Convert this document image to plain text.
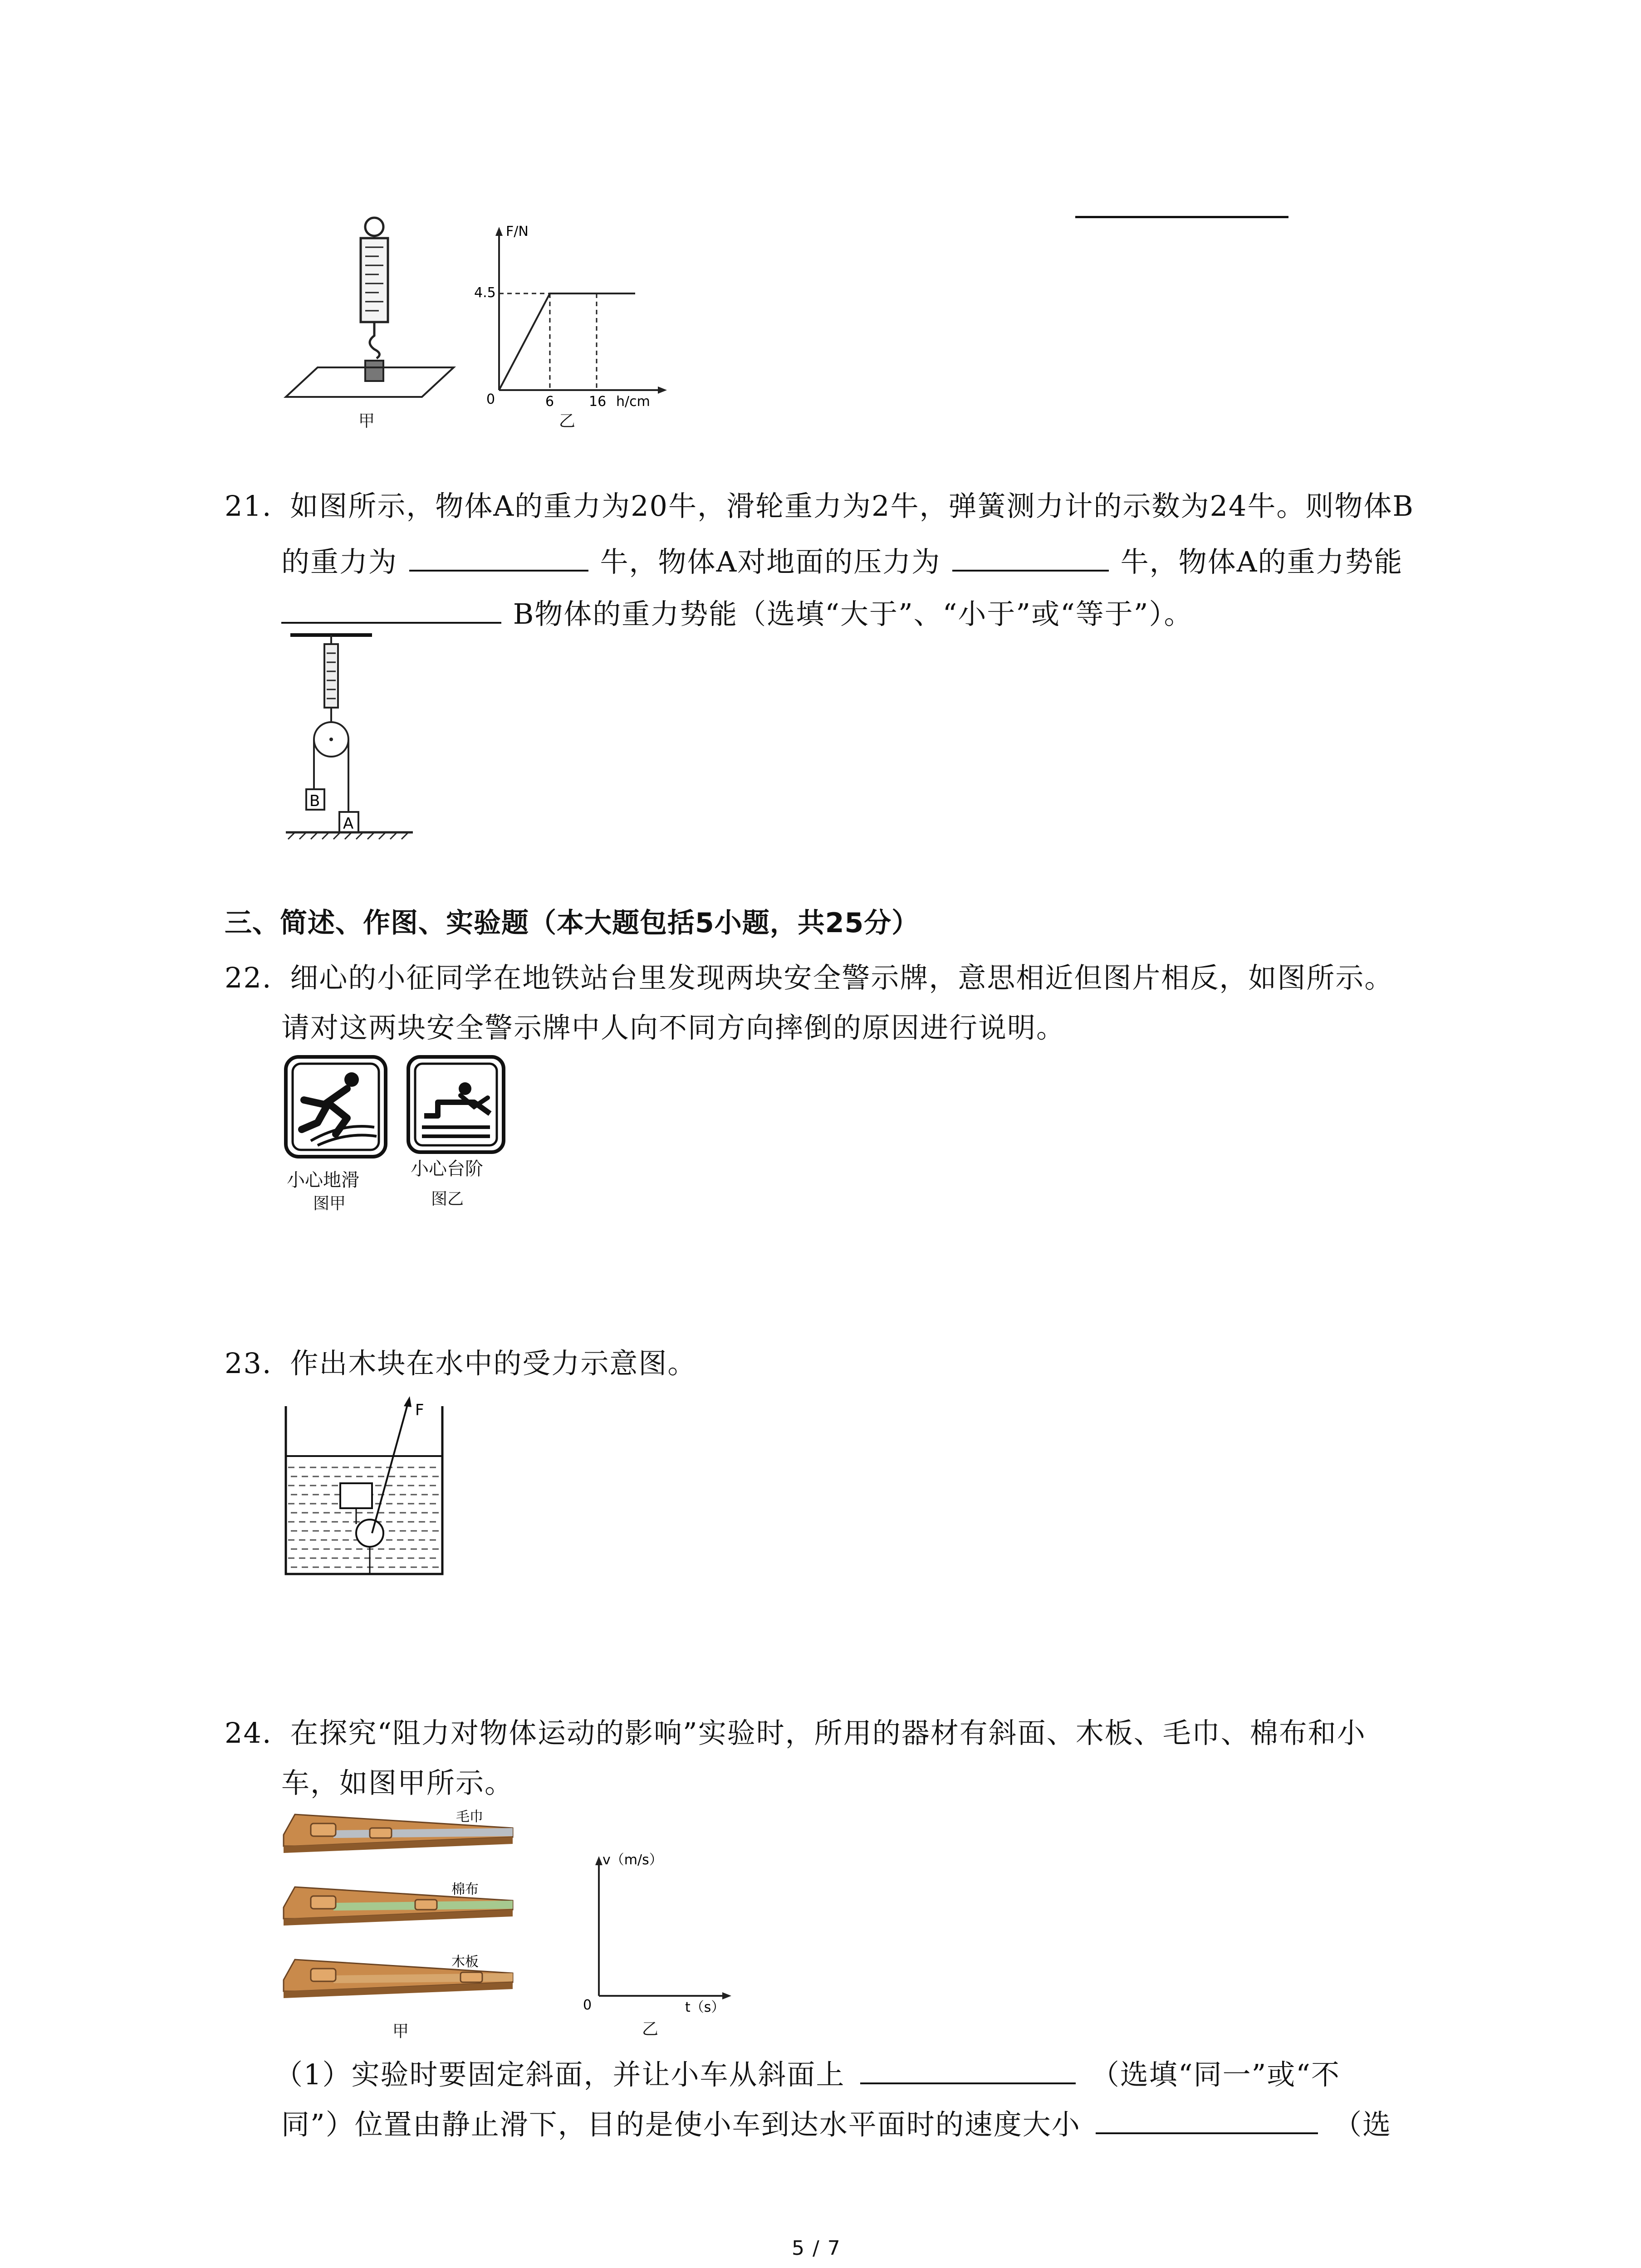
甲
F/N
4.5
0	6	16 h/cm
乙
21. 如图所示，物体A的重力为20牛，滑轮重力为2牛，弹簧测力计的示数为24牛。则物体B
的重力为	牛，物体A对地面的压力为	牛，物体A的重力势能
B物体的重力势能（选填“大于”、“小于”或“等于”）。
B
A
三、简述、作图、实验题（本大题包括5小题，共25分）
22. 细心的小征同学在地铁站台里发现两块安全警示牌，意思相近但图片相反，如图所示。
请对这两块安全警示牌中人向不同方向摔倒的原因进行说明。
小心地滑
图甲
小心台阶
图乙
23. 作出木块在水中的受力示意图。
F
24. 在探究“阻力对物体运动的影响”实验时，所用的器材有斜面、木板、毛巾、棉布和小
车，如图甲所示。
毛巾
棉布
木板
甲
v（m/s）
0	t（s）
乙
（1）实验时要固定斜面，并让小车从斜面上	（选填“同一”或“不
同”）位置由静止滑下，目的是使小车到达水平面时的速度大小	（选
5 / 7
